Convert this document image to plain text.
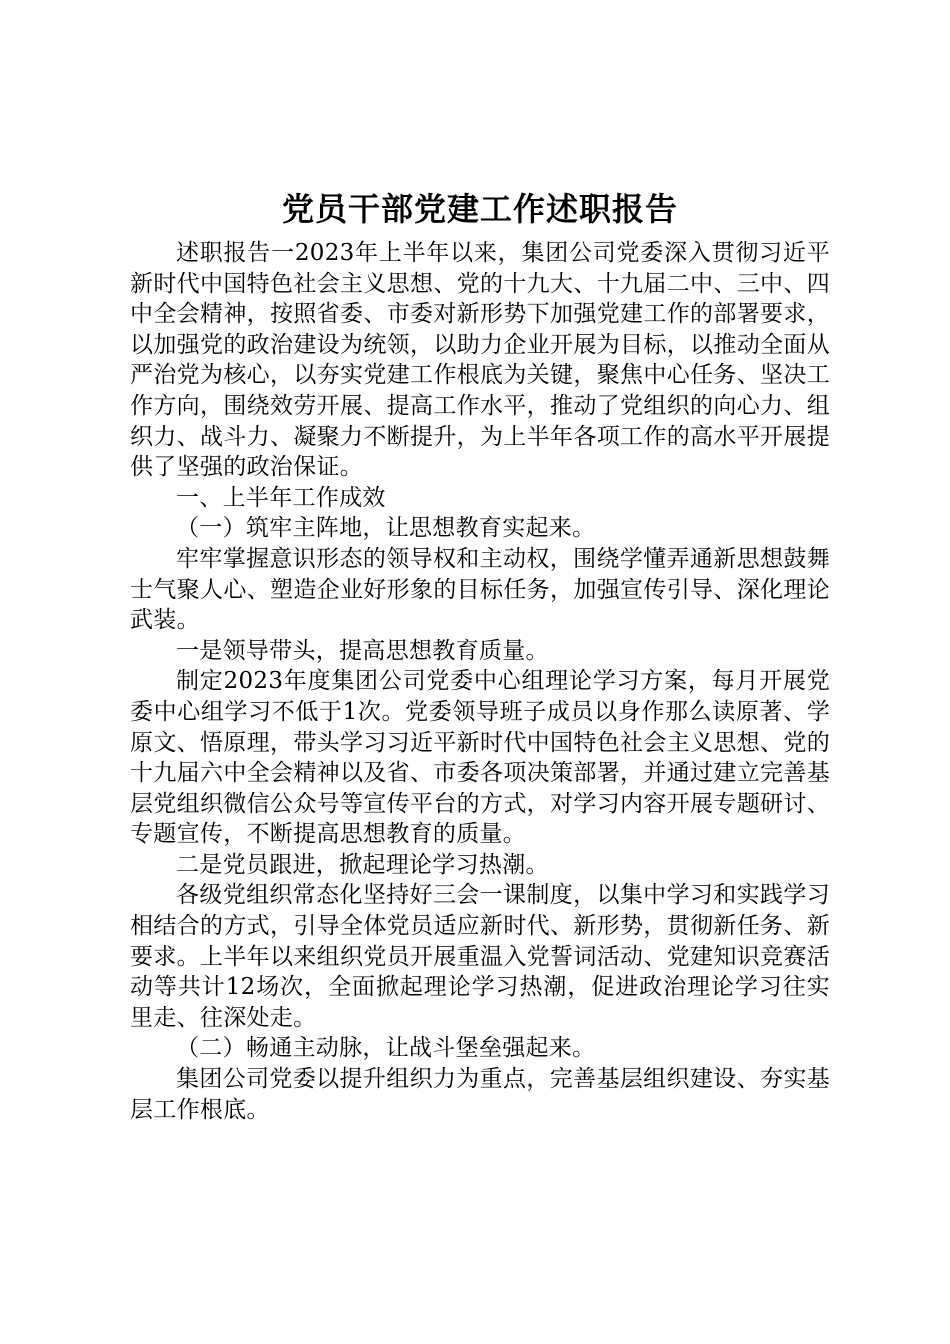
党员干部党建工作述职报告

述职报告一2023年上半年以来，集团公司党委深入贯彻习近平新时代中国特色社会主义思想、党的十九大、十九届二中、三中、四中全会精神，按照省委、市委对新形势下加强党建工作的部署要求，以加强党的政治建设为统领，以助力企业开展为目标，以推动全面从严治党为核心，以夯实党建工作根底为关键，聚焦中心任务、坚决工作方向，围绕效劳开展、提高工作水平，推动了党组织的向心力、组织力、战斗力、凝聚力不断提升，为上半年各项工作的高水平开展提供了坚强的政治保证。

一、上半年工作成效

（一）筑牢主阵地，让思想教育实起来。

牢牢掌握意识形态的领导权和主动权，围绕学懂弄通新思想鼓舞士气聚人心、塑造企业好形象的目标任务，加强宣传引导、深化理论武装。

一是领导带头，提高思想教育质量。

制定2023年度集团公司党委中心组理论学习方案，每月开展党委中心组学习不低于1次。党委领导班子成员以身作那么读原著、学原文、悟原理，带头学习习近平新时代中国特色社会主义思想、党的十九届六中全会精神以及省、市委各项决策部署，并通过建立完善基层党组织微信公众号等宣传平台的方式，对学习内容开展专题研讨、专题宣传，不断提高思想教育的质量。

二是党员跟进，掀起理论学习热潮。

各级党组织常态化坚持好三会一课制度，以集中学习和实践学习相结合的方式，引导全体党员适应新时代、新形势，贯彻新任务、新要求。上半年以来组织党员开展重温入党誓词活动、党建知识竞赛活动等共计12场次，全面掀起理论学习热潮，促进政治理论学习往实里走、往深处走。

（二）畅通主动脉，让战斗堡垒强起来。

集团公司党委以提升组织力为重点，完善基层组织建设、夯实基层工作根底。
